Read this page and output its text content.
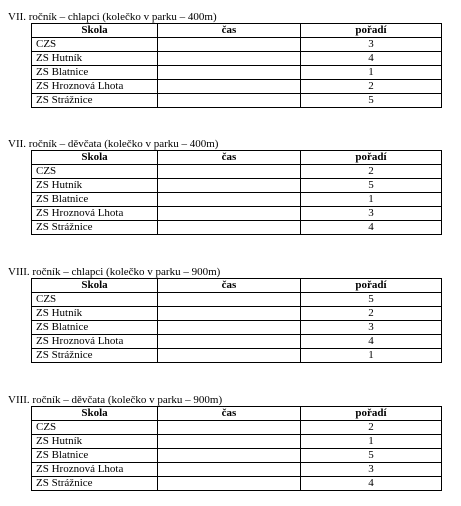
VII. ročník – chlapci (kolečko v parku – 400m)
Skola	čas	pořadí
CZS		3
ZS Hutník		4
ZS Blatnice		1
ZS Hroznová Lhota		2
ZS Strážnice		5
VII. ročník – děvčata (kolečko v parku – 400m)
Skola	čas	pořadí
CZS		2
ZS Hutník		5
ZS Blatnice		1
ZS Hroznová Lhota		3
ZS Strážnice		4
VIII. ročník – chlapci (kolečko v parku – 900m)
Skola	čas	pořadí
CZS		5
ZS Hutník		2
ZS Blatnice		3
ZS Hroznová Lhota		4
ZS Strážnice		1
VIII. ročník – děvčata (kolečko v parku – 900m)
Skola	čas	pořadí
CZS		2
ZS Hutník		1
ZS Blatnice		5
ZS Hroznová Lhota		3
ZS Strážnice		4
